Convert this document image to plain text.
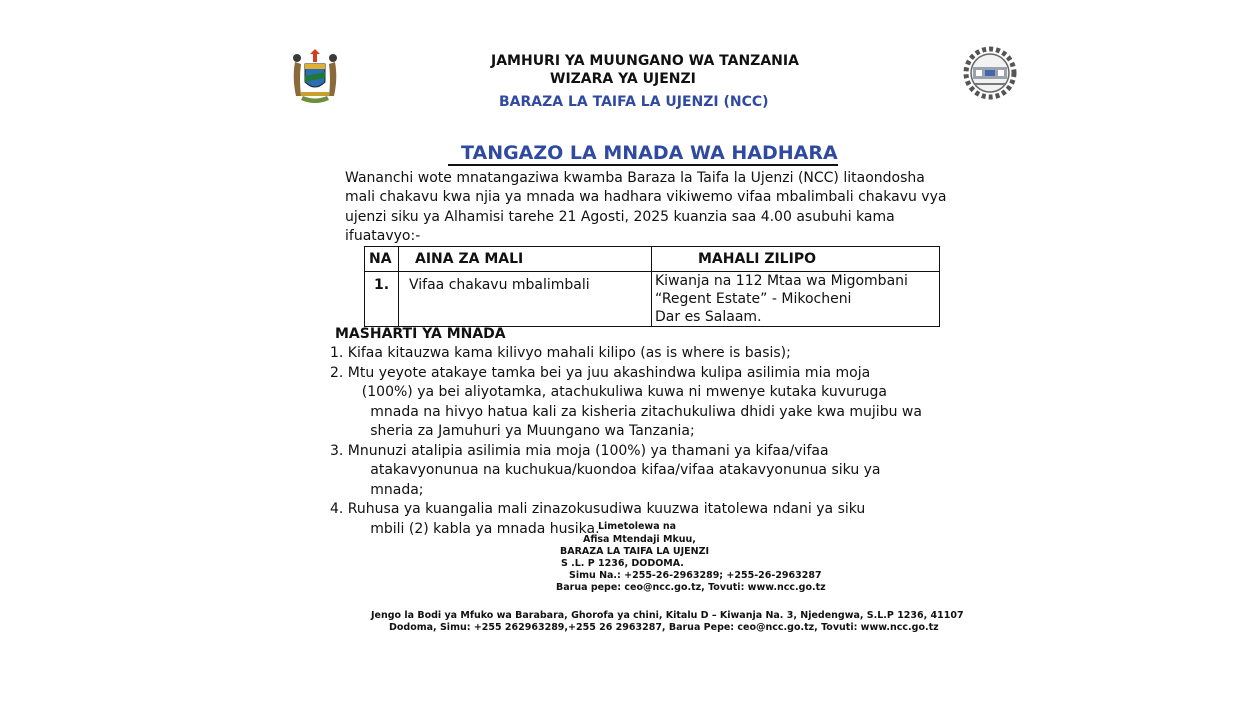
JAMHURI YA MUUNGANO WA TANZANIA
WIZARA YA UJENZI
BARAZA LA TAIFA LA UJENZI (NCC)
TANGAZO LA MNADA WA HADHARA
Wananchi wote mnatangaziwa kwamba Baraza la Taifa la Ujenzi (NCC) litaondosha
mali chakavu kwa njia ya mnada wa hadhara vikiwemo vifaa mbalimbali chakavu vya
ujenzi siku ya Alhamisi tarehe 21 Agosti, 2025 kuanzia saa 4.00 asubuhi kama
ifuatavyo:-
NA	AINA ZA MALI	MAHALI ZILIPO
1.	Vifaa chakavu mbalimbali	Kiwanja na 112 Mtaa wa Migombani
“Regent Estate” - Mikocheni
Dar es Salaam.
MASHARTI YA MNADA
1. Kifaa kitauzwa kama kilivyo mahali kilipo (as is where is basis);
2. Mtu yeyote atakaye tamka bei ya juu akashindwa kulipa asilimia mia moja
(100%) ya bei aliyotamka, atachukuliwa kuwa ni mwenye kutaka kuvuruga
mnada na hivyo hatua kali za kisheria zitachukuliwa dhidi yake kwa mujibu wa
sheria za Jamuhuri ya Muungano wa Tanzania;
3. Mnunuzi atalipia asilimia mia moja (100%) ya thamani ya kifaa/vifaa
atakavyonunua na kuchukua/kuondoa kifaa/vifaa atakavyonunua siku ya
mnada;
4. Ruhusa ya kuangalia mali zinazokusudiwa kuuzwa itatolewa ndani ya siku
mbili (2) kabla ya mnada husika.
Limetolewa na
Afisa Mtendaji Mkuu,
BARAZA LA TAIFA LA UJENZI
S .L. P 1236, DODOMA.
Simu Na.: +255-26-2963289; +255-26-2963287
Barua pepe: ceo@ncc.go.tz, Tovuti: www.ncc.go.tz
Jengo la Bodi ya Mfuko wa Barabara, Ghorofa ya chini, Kitalu D – Kiwanja Na. 3, Njedengwa, S.L.P 1236, 41107
Dodoma, Simu: +255 262963289,+255 26 2963287, Barua Pepe: ceo@ncc.go.tz, Tovuti: www.ncc.go.tz
